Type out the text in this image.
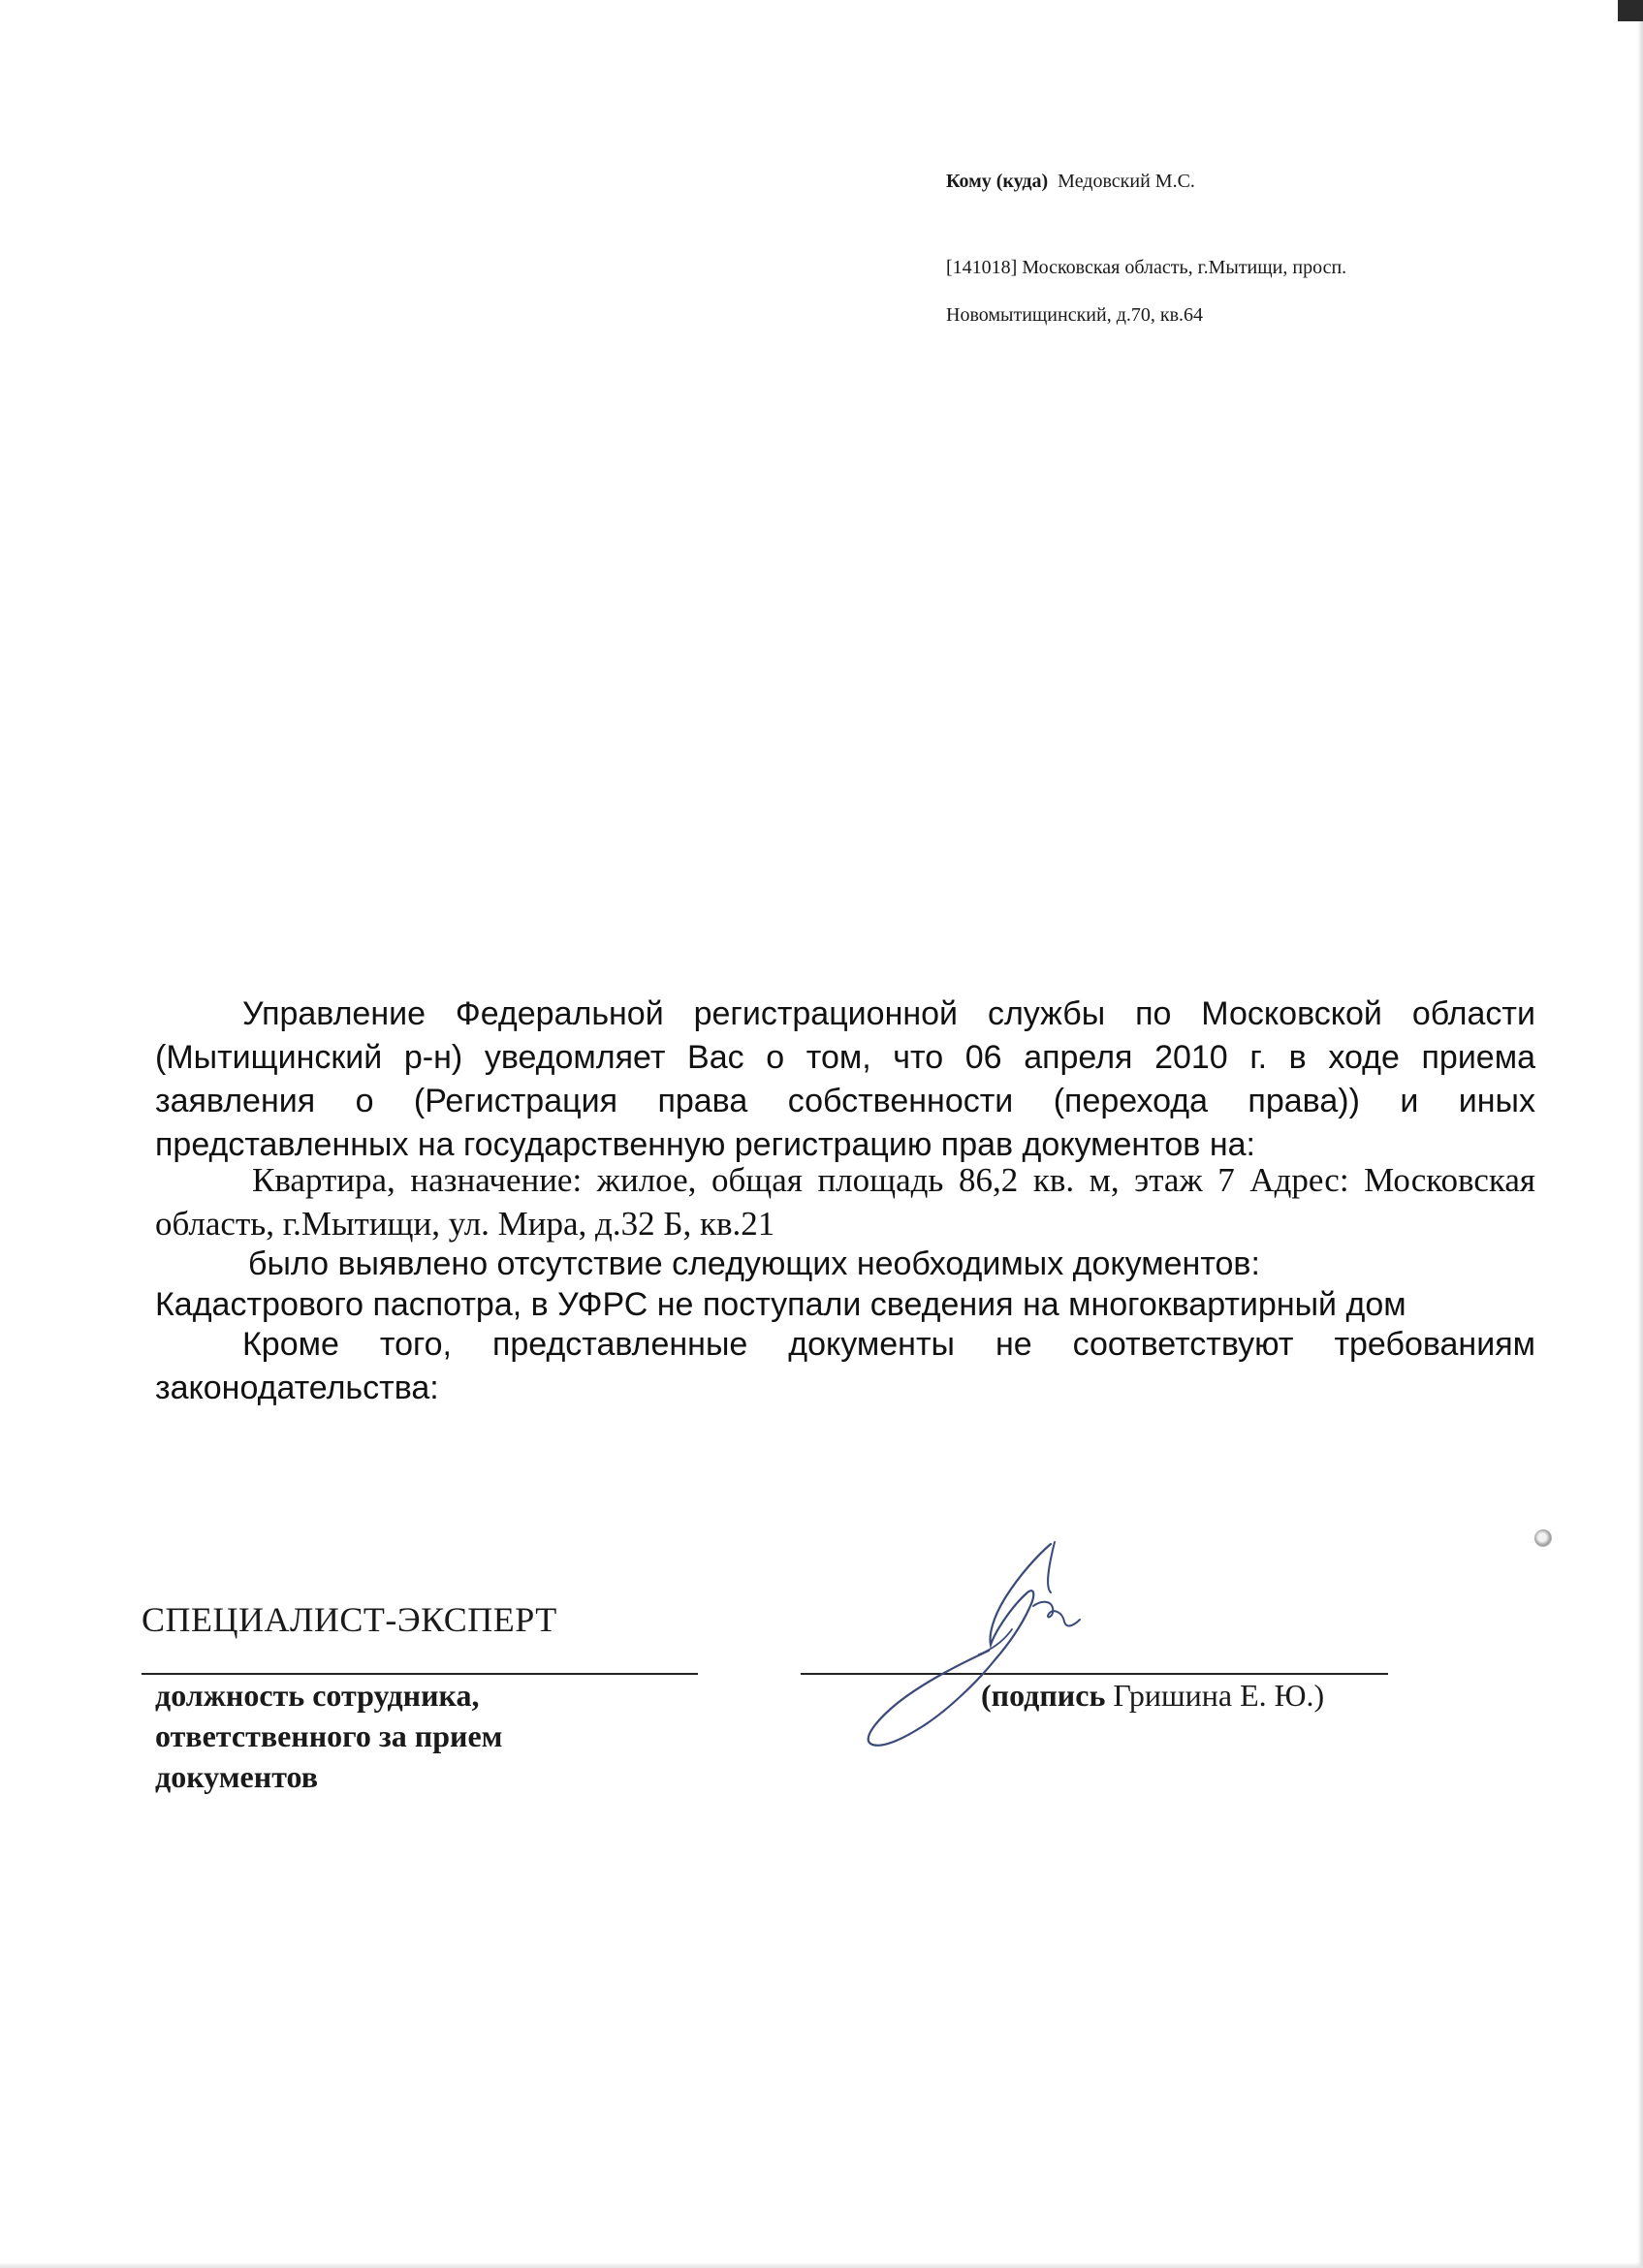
Кому (куда) Медовский М.С.
[141018] Московская область, г.Мытищи, просп.
Новомытищинский, д.70, кв.64
Управление Федеральной регистрационной службы по Московской области (Мытищинский р-н) уведомляет Вас о том, что 06 апреля 2010 г. в ходе приема заявления о (Регистрация права собственности (перехода права)) и иных представленных на государственную регистрацию прав документов на:
Квартира, назначение: жилое, общая площадь 86,2 кв. м, этаж 7 Адрес: Московская область, г.Мытищи, ул. Мира, д.32 Б, кв.21
было выявлено отсутствие следующих необходимых документов:
Кадастрового паспотра, в УФРС не поступали сведения на многоквартирный дом
Кроме того, представленные документы не соответствуют требованиям законодательства:
СПЕЦИАЛИСТ-ЭКСПЕРТ
должность сотрудника,
ответственного за прием
документов
(подпись Гришина Е. Ю.)
